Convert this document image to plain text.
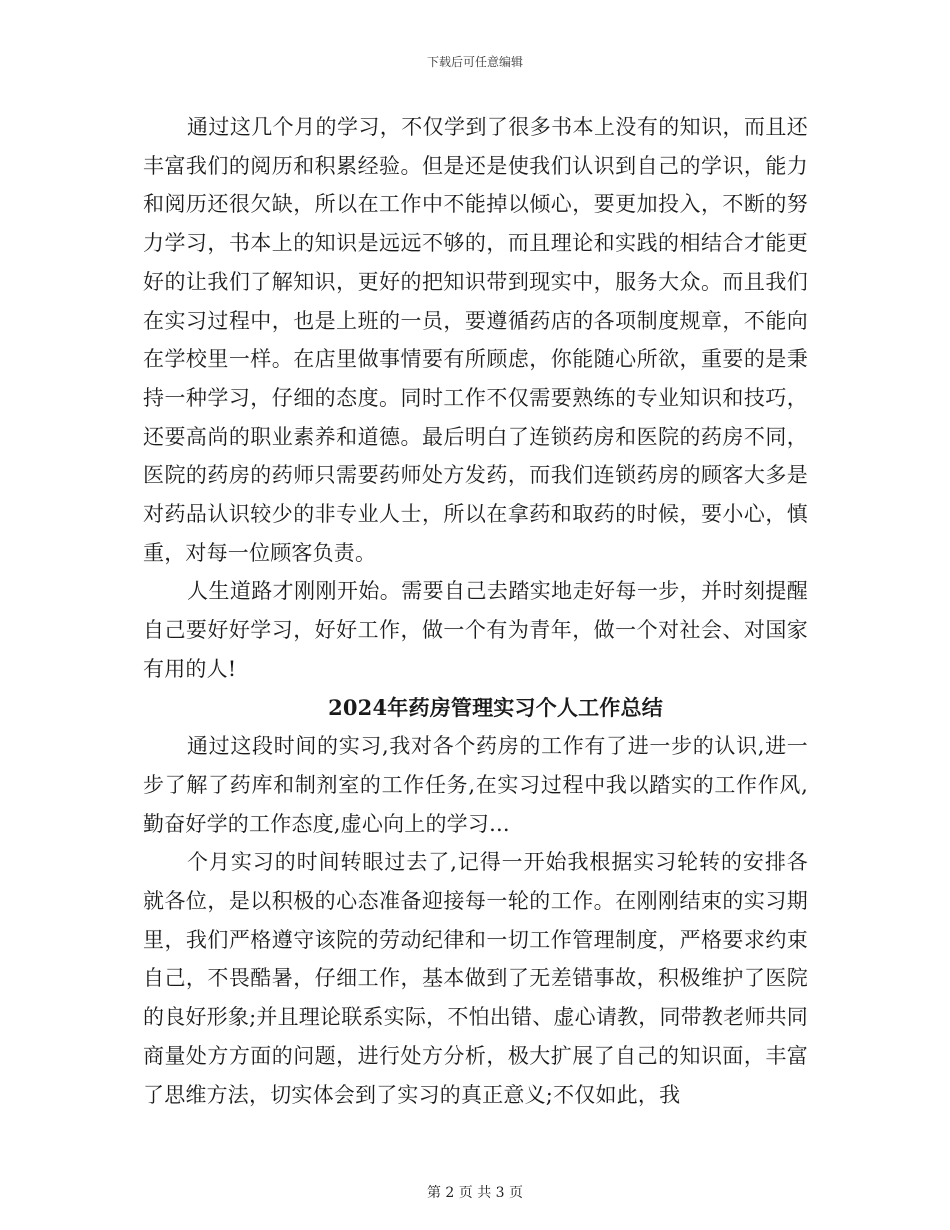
下载后可任意编辑

通过这几个月的学习，不仅学到了很多书本上没有的知识，而且还丰富我们的阅历和积累经验。但是还是使我们认识到自己的学识，能力和阅历还很欠缺，所以在工作中不能掉以倾心，要更加投入，不断的努力学习，书本上的知识是远远不够的，而且理论和实践的相结合才能更好的让我们了解知识，更好的把知识带到现实中，服务大众。而且我们在实习过程中，也是上班的一员，要遵循药店的各项制度规章，不能向在学校里一样。在店里做事情要有所顾虑，你能随心所欲，重要的是秉持一种学习，仔细的态度。同时工作不仅需要熟练的专业知识和技巧，还要高尚的职业素养和道德。最后明白了连锁药房和医院的药房不同，医院的药房的药师只需要药师处方发药，而我们连锁药房的顾客大多是对药品认识较少的非专业人士，所以在拿药和取药的时候，要小心，慎重，对每一位顾客负责。

人生道路才刚刚开始。需要自己去踏实地走好每一步，并时刻提醒自己要好好学习，好好工作，做一个有为青年，做一个对社会、对国家有用的人!

2024年药房管理实习个人工作总结

通过这段时间的实习,我对各个药房的工作有了进一步的认识,进一步了解了药库和制剂室的工作任务,在实习过程中我以踏实的工作作风,勤奋好学的工作态度,虚心向上的学习...

个月实习的时间转眼过去了,记得一开始我根据实习轮转的安排各就各位，是以积极的心态准备迎接每一轮的工作。在刚刚结束的实习期里，我们严格遵守该院的劳动纪律和一切工作管理制度，严格要求约束自己，不畏酷暑，仔细工作，基本做到了无差错事故，积极维护了医院的良好形象;并且理论联系实际，不怕出错、虚心请教，同带教老师共同商量处方方面的问题，进行处方分析，极大扩展了自己的知识面，丰富了思维方法，切实体会到了实习的真正意义;不仅如此，我

第 2 页 共 3 页
